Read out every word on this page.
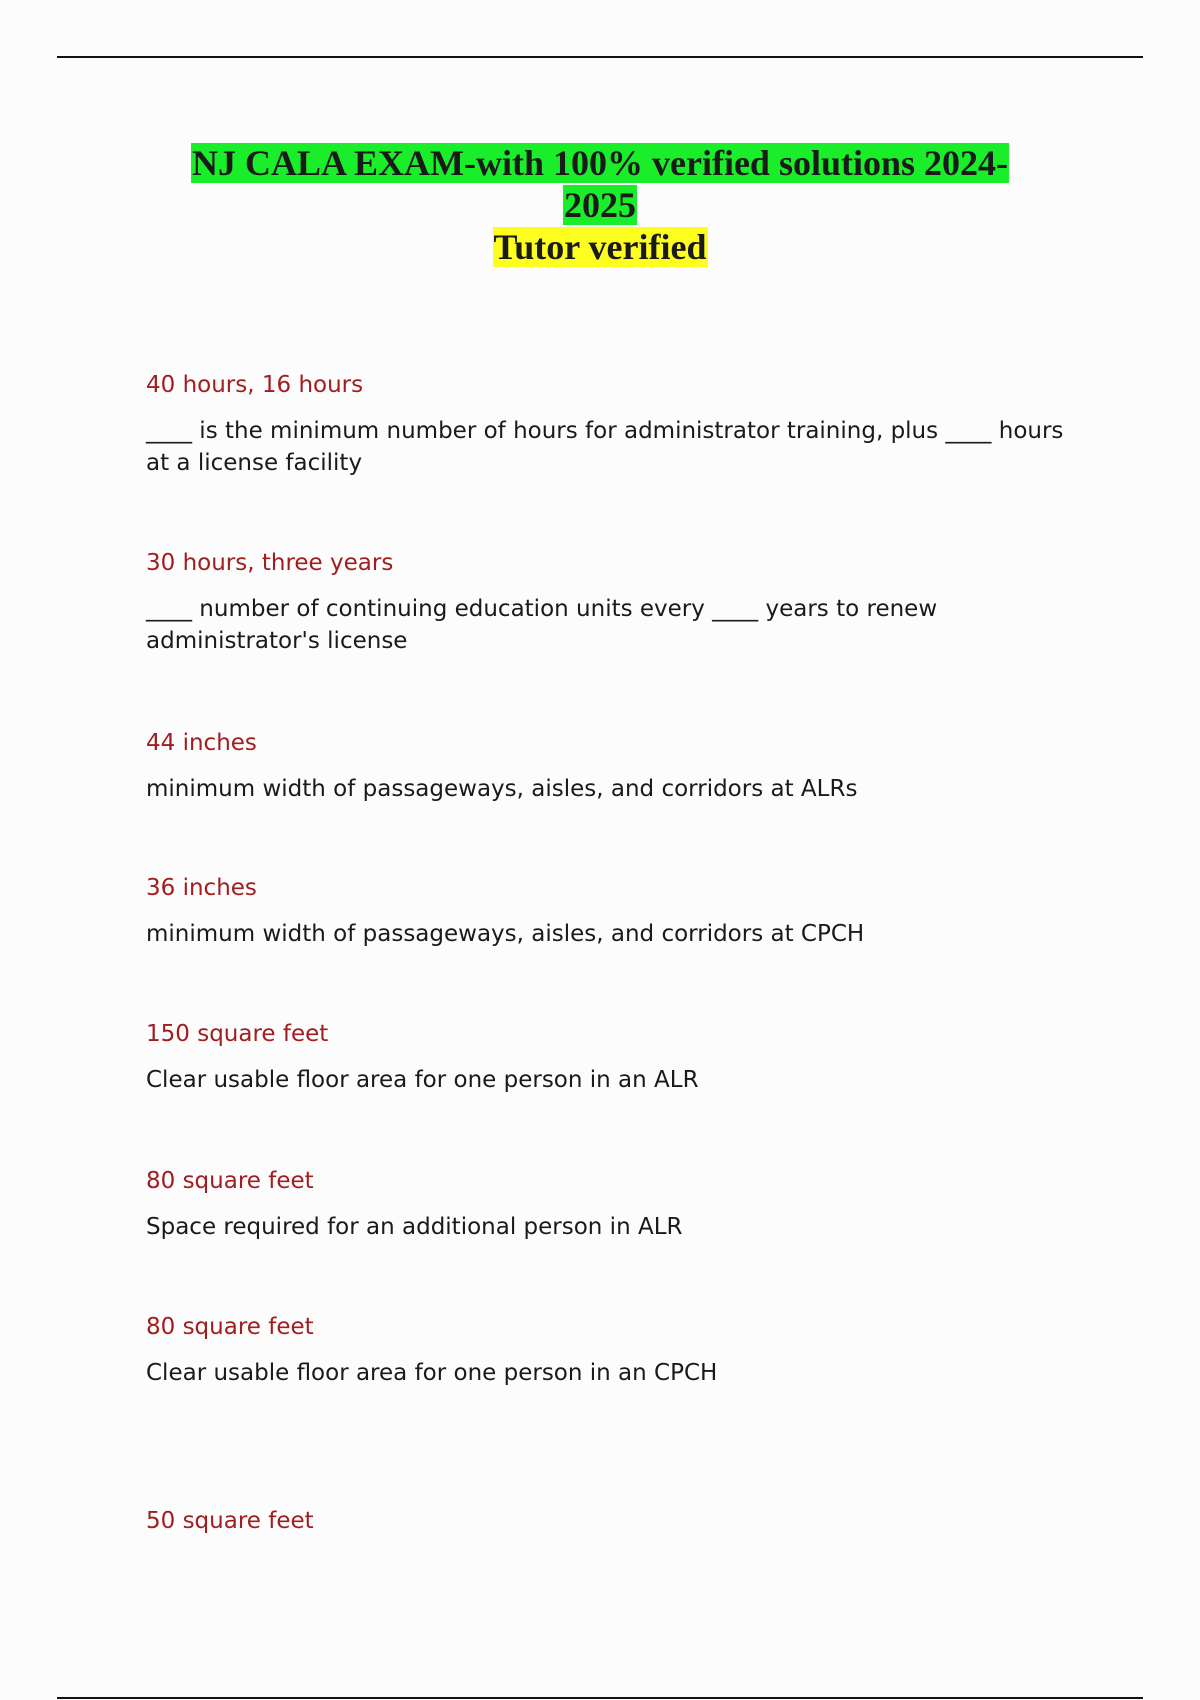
NJ CALA EXAM-with 100% verified solutions 2024-
2025
Tutor verified

40 hours, 16 hours

____ is the minimum number of hours for administrator training, plus ____ hours at a license facility

30 hours, three years

____ number of continuing education units every ____ years to renew administrator's license

44 inches

minimum width of passageways, aisles, and corridors at ALRs

36 inches

minimum width of passageways, aisles, and corridors at CPCH

150 square feet

Clear usable floor area for one person in an ALR

80 square feet

Space required for an additional person in ALR

80 square feet

Clear usable floor area for one person in an CPCH

50 square feet
